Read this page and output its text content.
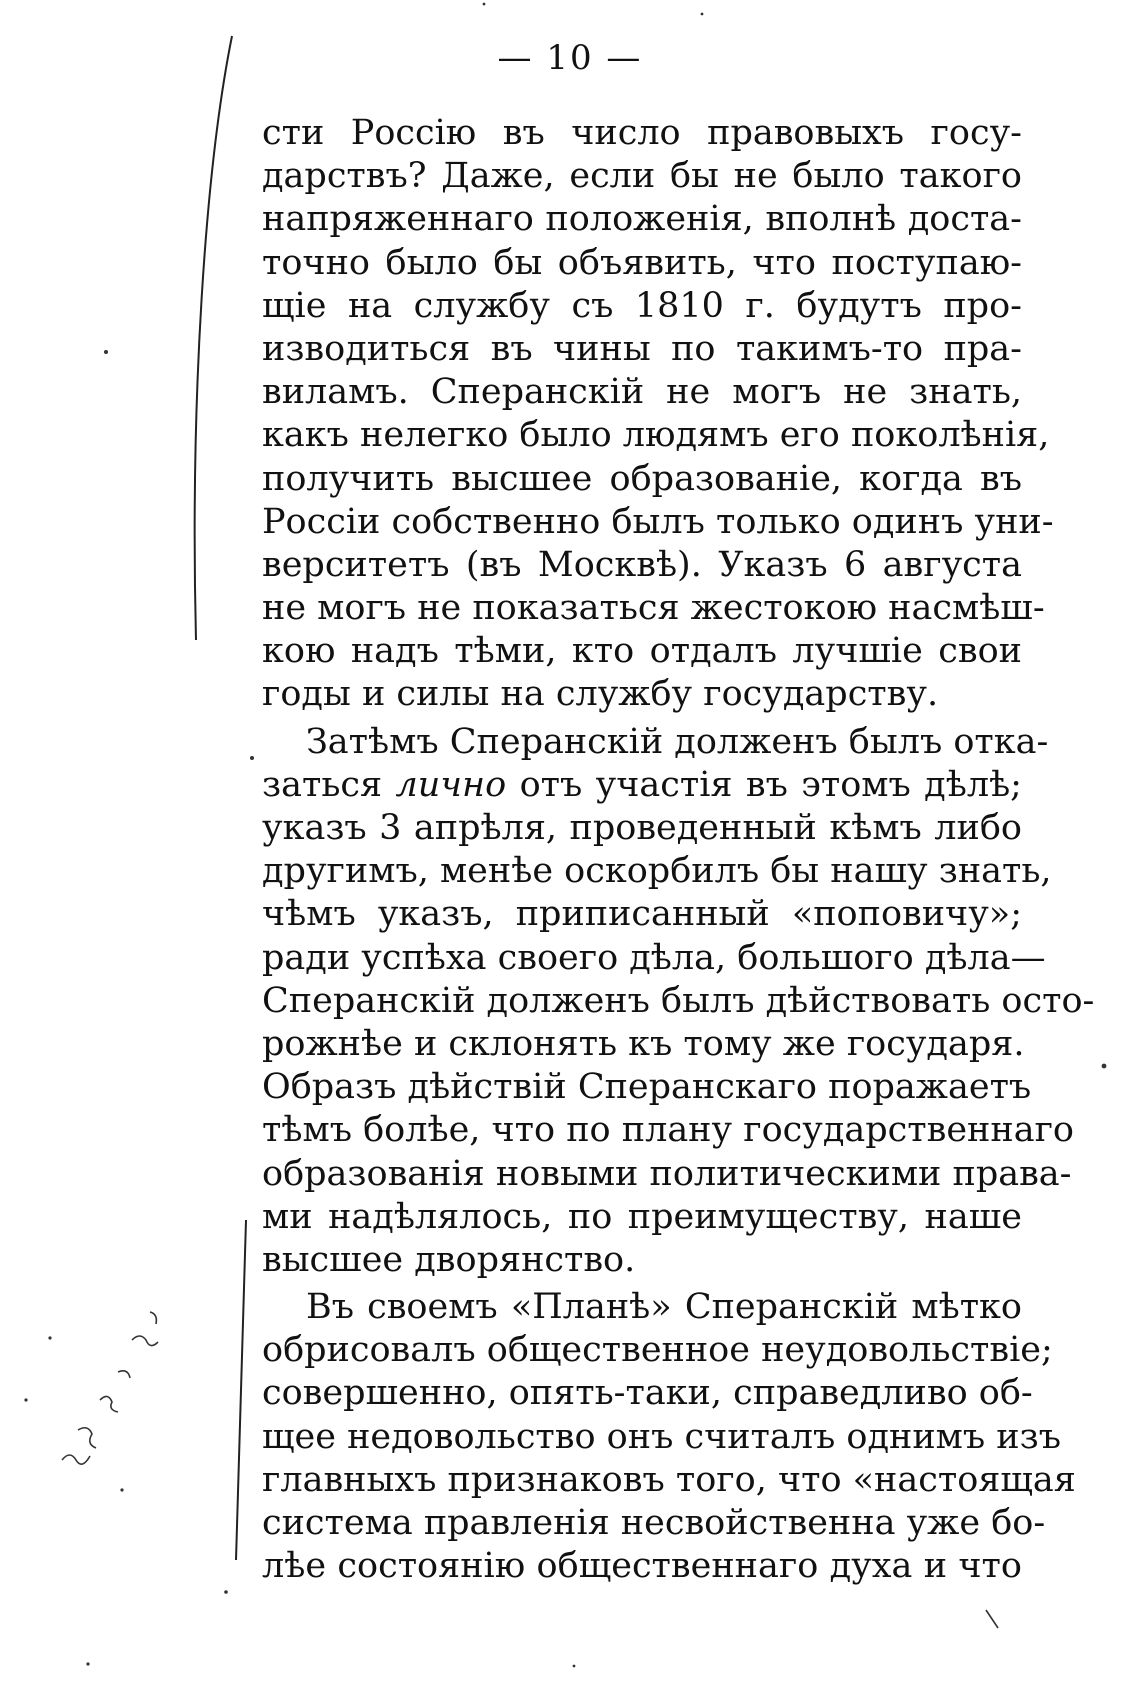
— 10 —
сти Россію въ число правовыхъ госу-
дарствъ? Даже, если бы не было такого
напряженнаго положенія, вполнѣ доста-
точно было бы объявить, что поступаю-
щіе на службу съ 1810 г. будутъ про-
изводиться въ чины по такимъ-то пра-
виламъ. Сперанскій не могъ не знать,
какъ нелегко было людямъ его поколѣнія,
получить высшее образованіе, когда въ
Россіи собственно былъ только одинъ уни-
верситетъ (въ Москвѣ). Указъ 6 августа
не могъ не показаться жестокою насмѣш-
кою надъ тѣми, кто отдалъ лучшіе свои
годы и силы на службу государству.
Затѣмъ Сперанскій долженъ былъ отка-
заться лично отъ участія въ этомъ дѣлѣ;
указъ 3 апрѣля, проведенный кѣмъ либо
другимъ, менѣе оскорбилъ бы нашу знать,
чѣмъ указъ, приписанный «поповичу»;
ради успѣха своего дѣла, большого дѣла—
Сперанскій долженъ былъ дѣйствовать осто-
рожнѣе и склонять къ тому же государя.
Образъ дѣйствій Сперанскаго поражаетъ
тѣмъ болѣе, что по плану государственнаго
образованія новыми политическими права-
ми надѣлялось, по преимуществу, наше
высшее дворянство.
Въ своемъ «Планѣ» Сперанскій мѣтко
обрисовалъ общественное неудовольствіе;
совершенно, опять-таки, справедливо об-
щее недовольство онъ считалъ однимъ изъ
главныхъ признаковъ того, что «настоящая
система правленія несвойственна уже бо-
лѣе состоянію общественнаго духа и что
